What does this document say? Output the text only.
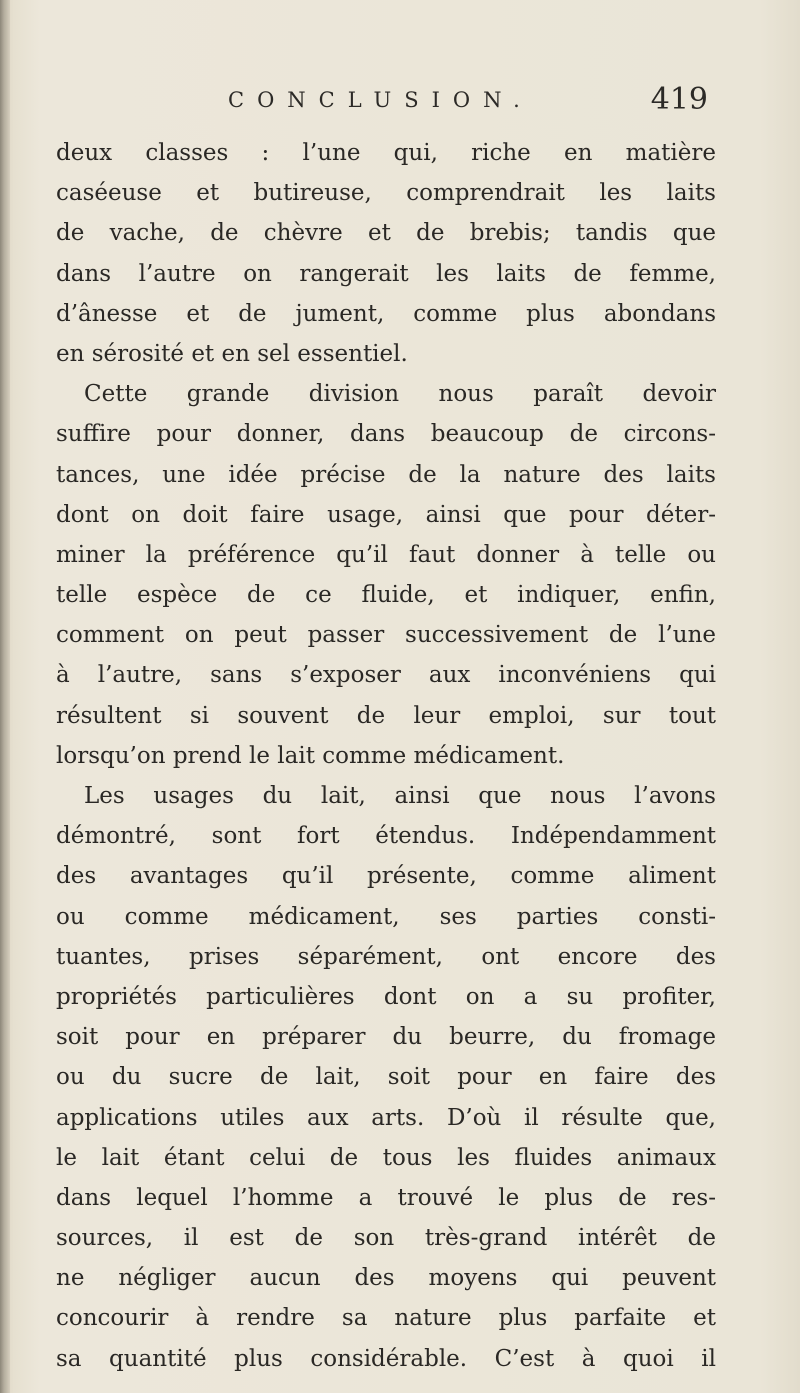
CONCLUSION.	419
deux classes : l’une qui, riche en matière
caséeuse et butireuse, comprendrait les laits
de vache, de chèvre et de brebis; tandis que
dans l’autre on rangerait les laits de femme,
d’ânesse et de jument, comme plus abondans
en sérosité et en sel essentiel.
Cette grande division nous paraît devoir
suffire pour donner, dans beaucoup de circons-
tances, une idée précise de la nature des laits
dont on doit faire usage, ainsi que pour déter-
miner la préférence qu’il faut donner à telle ou
telle espèce de ce fluide, et indiquer, enfin,
comment on peut passer successivement de l’une
à l’autre, sans s’exposer aux inconvéniens qui
résultent si souvent de leur emploi, sur tout
lorsqu’on prend le lait comme médicament.
Les usages du lait, ainsi que nous l’avons
démontré, sont fort étendus. Indépendamment
des avantages qu’il présente, comme aliment
ou comme médicament, ses parties consti-
tuantes, prises séparément, ont encore des
propriétés particulières dont on a su profiter,
soit pour en préparer du beurre, du fromage
ou du sucre de lait, soit pour en faire des
applications utiles aux arts. D’où il résulte que,
le lait étant celui de tous les fluides animaux
dans lequel l’homme a trouvé le plus de res-
sources, il est de son très-grand intérêt de
ne négliger aucun des moyens qui peuvent
concourir à rendre sa nature plus parfaite et
sa quantité plus considérable. C’est à quoi il
